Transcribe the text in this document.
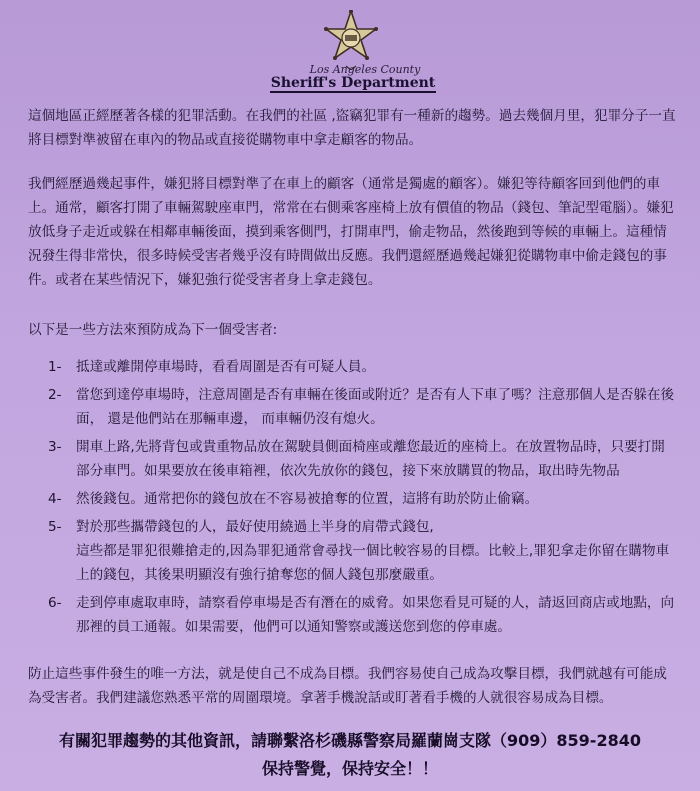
Los Angeles County
Sheriff's Department

這個地區正經歷著各樣的犯罪活動。在我們的社區 ,盜竊犯罪有一種新的趨勢。過去幾個月里，犯罪分子一直將目標對準被留在車內的物品或直接從購物車中拿走顧客的物品。

我們經歷過幾起事件，嫌犯將目標對準了在車上的顧客（通常是獨處的顧客）。嫌犯等待顧客回到他們的車上。通常，顧客打開了車輛駕駛座車門，常常在右側乘客座椅上放有價值的物品（錢包、筆記型電腦）。嫌犯放低身子走近或躲在相鄰車輛後面，摸到乘客側門，打開車門，偷走物品，然後跑到等候的車輛上。這種情況發生得非常快，很多時候受害者幾乎沒有時間做出反應。我們還經歷過幾起嫌犯從購物車中偷走錢包的事件。或者在某些情況下，嫌犯強行從受害者身上拿走錢包。

以下是一些方法來預防成為下一個受害者:

1- 抵達或離開停車場時，看看周圍是否有可疑人員。
2- 當您到達停車場時，注意周圍是否有車輛在後面或附近？是否有人下車了嗎？注意那個人是否躲在後面， 還是他們站在那輛車邊， 而車輛仍沒有熄火。
3- 開車上路,先將背包或貴重物品放在駕駛員側面椅座或離您最近的座椅上。在放置物品時，只要打開部分車門。如果要放在後車箱裡，依次先放你的錢包，接下來放購買的物品，取出時先物品
4- 然後錢包。通常把你的錢包放在不容易被搶奪的位置，這將有助於防止偷竊。
5- 對於那些攜帶錢包的人，最好使用繞過上半身的肩帶式錢包,
這些都是罪犯很難搶走的,因為罪犯通常會尋找一個比較容易的目標。比較上,罪犯拿走你留在購物車上的錢包，其後果明顯沒有強行搶奪您的個人錢包那麼嚴重。
6- 走到停車處取車時，請察看停車場是否有潛在的威脅。如果您看見可疑的人，請返回商店或地點，向那裡的員工通報。如果需要，他們可以通知警察或護送您到您的停車處。

防止這些事件發生的唯一方法，就是使自己不成為目標。我們容易使自己成為攻擊目標，我們就越有可能成為受害者。我們建議您熟悉平常的周圍環境。拿著手機說話或盯著看手機的人就很容易成為目標。

有關犯罪趨勢的其他資訊，請聯繫洛杉磯縣警察局羅蘭崗支隊（909）859-2840
保持警覺，保持安全！！
